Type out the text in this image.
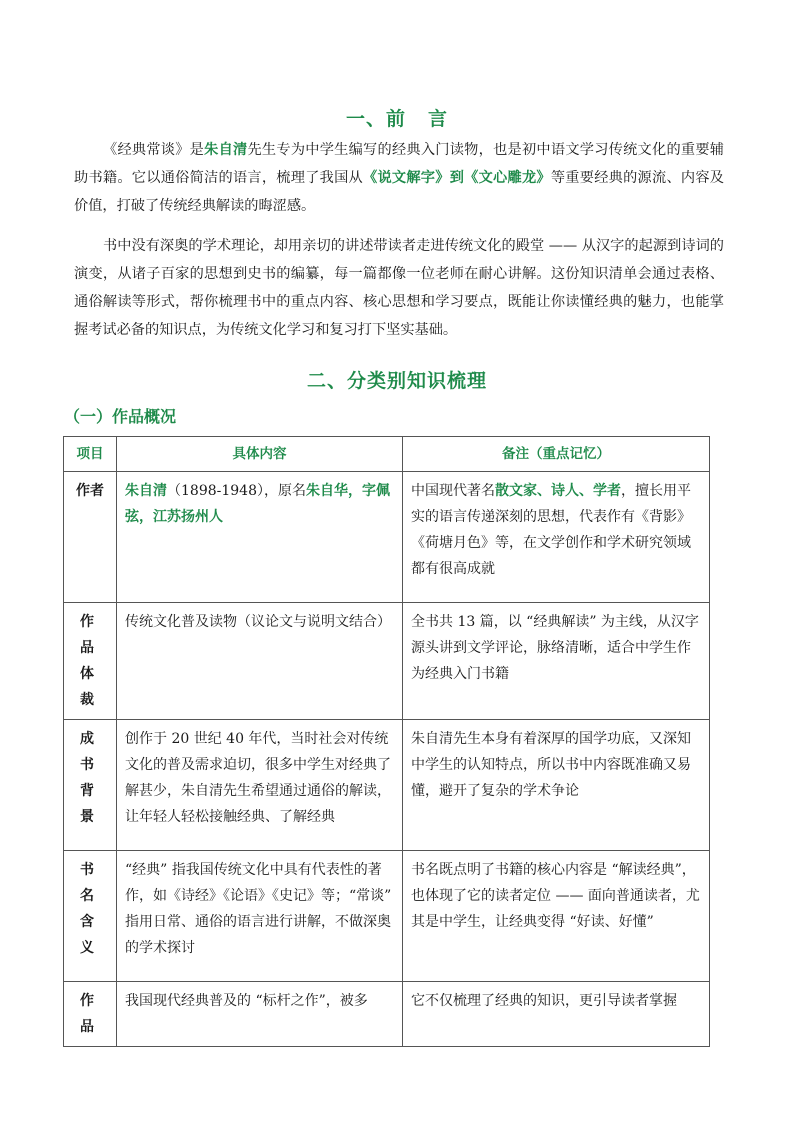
一、前 言

《经典常谈》是朱自清先生专为中学生编写的经典入门读物，也是初中语文学习传统文化的重要辅助书籍。它以通俗简洁的语言，梳理了我国从《说文解字》到《文心雕龙》等重要经典的源流、内容及价值，打破了传统经典解读的晦涩感。

书中没有深奥的学术理论，却用亲切的讲述带读者走进传统文化的殿堂 —— 从汉字的起源到诗词的演变，从诸子百家的思想到史书的编纂，每一篇都像一位老师在耐心讲解。这份知识清单会通过表格、通俗解读等形式，帮你梳理书中的重点内容、核心思想和学习要点，既能让你读懂经典的魅力，也能掌握考试必备的知识点，为传统文化学习和复习打下坚实基础。

二、分类别知识梳理
（一）作品概况
项目	具体内容	备注（重点记忆）
作者	朱自清（1898-1948），原名朱自华，字佩弦，江苏扬州人	中国现代著名散文家、诗人、学者，擅长用平实的语言传递深刻的思想，代表作有《背影》《荷塘月色》等，在文学创作和学术研究领域都有很高成就
作品
体裁	传统文化普及读物（议论文与说明文结合）	全书共 13 篇，以 “经典解读” 为主线，从汉字源头讲到文学评论，脉络清晰，适合中学生作为经典入门书籍
成书
背景	创作于 20 世纪 40 年代，当时社会对传统文化的普及需求迫切，很多中学生对经典了解甚少，朱自清先生希望通过通俗的解读，让年轻人轻松接触经典、了解经典	朱自清先生本身有着深厚的国学功底，又深知中学生的认知特点，所以书中内容既准确又易懂，避开了复杂的学术争论
书名
含义	“经典” 指我国传统文化中具有代表性的著作，如《诗经》《论语》《史记》等；“常谈” 指用日常、通俗的语言进行讲解，不做深奥的学术探讨	书名既点明了书籍的核心内容是 “解读经典”，也体现了它的读者定位 —— 面向普通读者，尤其是中学生，让经典变得 “好读、好懂”
作品	我国现代经典普及的 “标杆之作”，被多	它不仅梳理了经典的知识，更引导读者掌握
